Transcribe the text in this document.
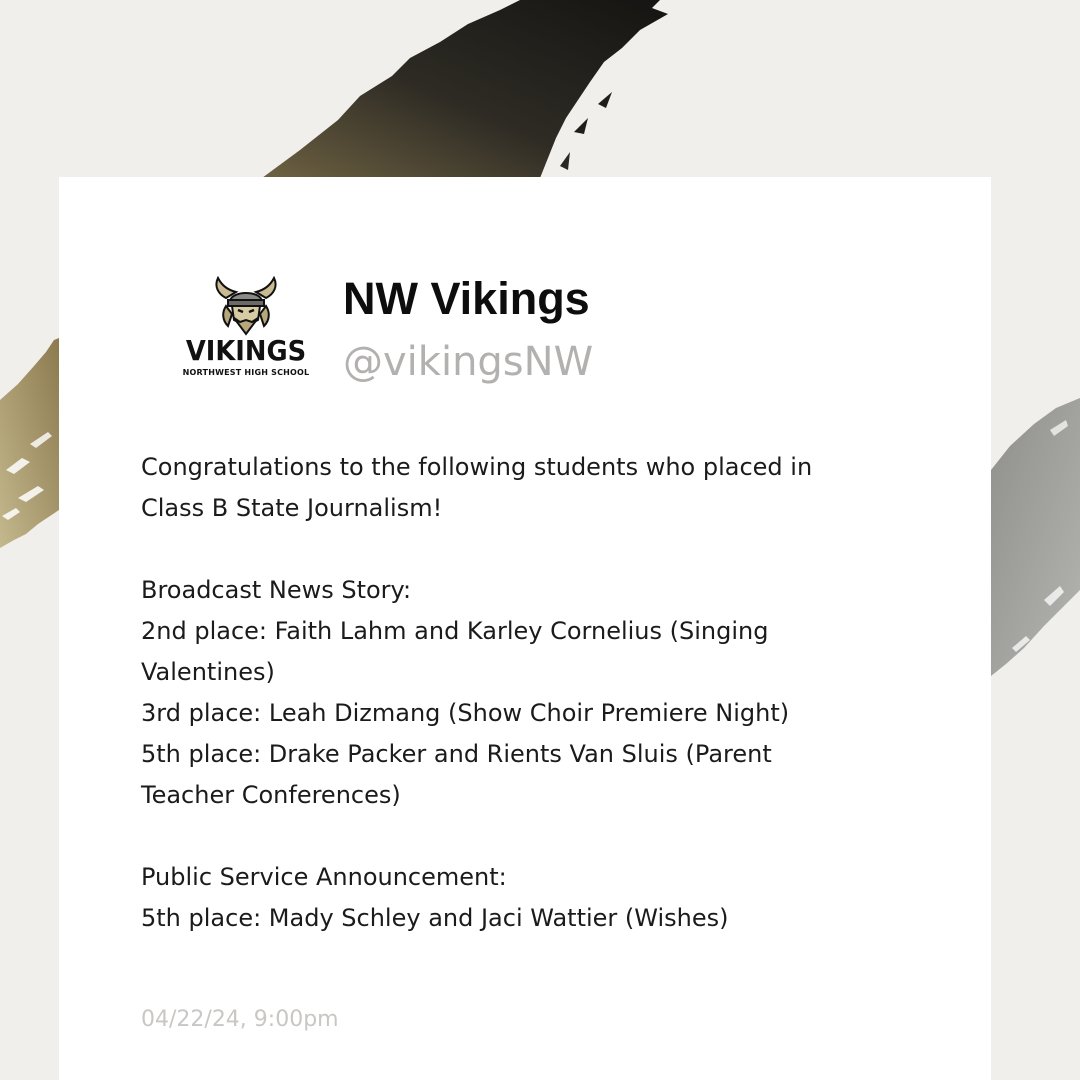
VIKINGS
NORTHWEST HIGH SCHOOL
NW Vikings
@vikingsNW
Congratulations to the following students who placed in
Class B State Journalism!
Broadcast News Story:
2nd place: Faith Lahm and Karley Cornelius (Singing
Valentines)
3rd place: Leah Dizmang (Show Choir Premiere Night)
5th place: Drake Packer and Rients Van Sluis (Parent
Teacher Conferences)
Public Service Announcement:
5th place: Mady Schley and Jaci Wattier (Wishes)
04/22/24, 9:00pm
